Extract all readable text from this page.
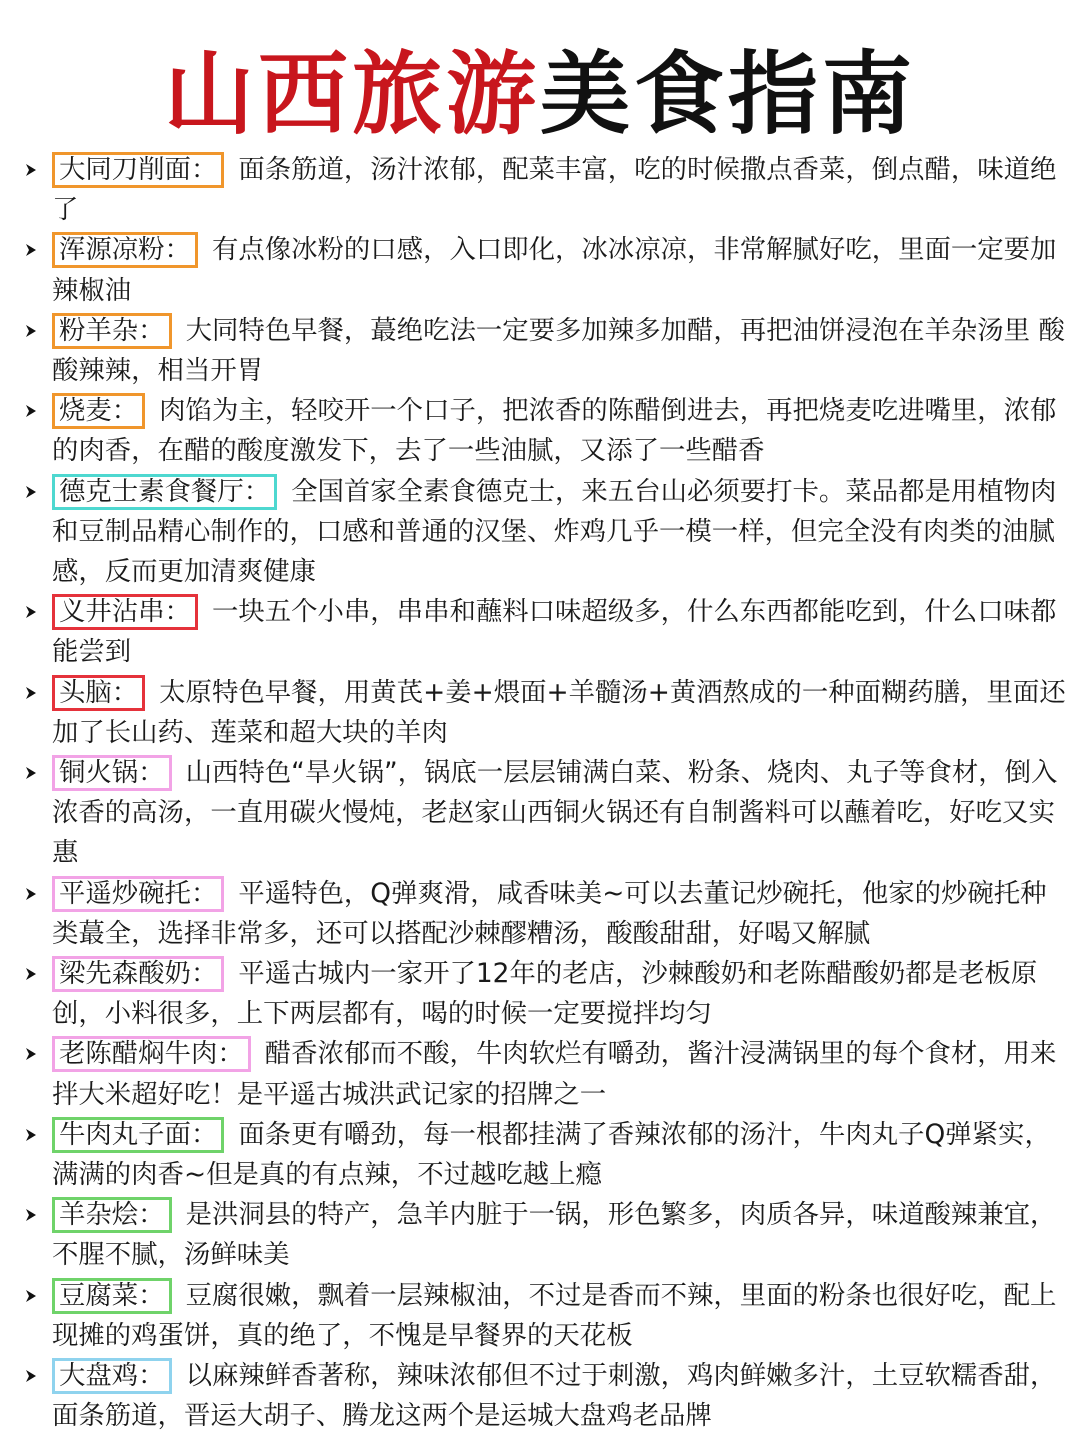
山西旅游美食指南
大同刀削面： 面条筋道，汤汁浓郁，配菜丰富，吃的时候撒点香菜，倒点醋，味道绝了
浑源凉粉： 有点像冰粉的口感，入口即化，冰冰凉凉，非常解腻好吃，里面一定要加辣椒油
粉羊杂： 大同特色早餐，蕞绝吃法一定要多加辣多加醋，再把油饼浸泡在羊杂汤里 酸酸辣辣，相当开胃
烧麦： 肉馅为主，轻咬开一个口子，把浓香的陈醋倒进去，再把烧麦吃进嘴里，浓郁的肉香，在醋的酸度激发下，去了一些油腻，又添了一些醋香
德克士素食餐厅： 全国首家全素食德克士，来五台山必须要打卡。菜品都是用植物肉和豆制品精心制作的，口感和普通的汉堡、炸鸡几乎一模一样，但完全没有肉类的油腻感，反而更加清爽健康
义井沾串： 一块五个小串，串串和蘸料口味超级多，什么东西都能吃到，什么口味都能尝到
头脑： 太原特色早餐，用黄芪+姜+煨面+羊髓汤+黄酒熬成的一种面糊药膳，里面还加了长山药、莲菜和超大块的羊肉
铜火锅： 山西特色“旱火锅”，锅底一层层铺满白菜、粉条、烧肉、丸子等食材，倒入浓香的高汤，一直用碳火慢炖，老赵家山西铜火锅还有自制酱料可以蘸着吃，好吃又实惠
平遥炒碗托： 平遥特色，Q弹爽滑，咸香味美~可以去董记炒碗托，他家的炒碗托种类蕞全，选择非常多，还可以搭配沙棘醪糟汤，酸酸甜甜，好喝又解腻
梁先森酸奶： 平遥古城内一家开了12年的老店，沙棘酸奶和老陈醋酸奶都是老板原创，小料很多，上下两层都有，喝的时候一定要搅拌均匀
老陈醋焖牛肉： 醋香浓郁而不酸，牛肉软烂有嚼劲，酱汁浸满锅里的每个食材，用来拌大米超好吃！是平遥古城洪武记家的招牌之一
牛肉丸子面： 面条更有嚼劲，每一根都挂满了香辣浓郁的汤汁，牛肉丸子Q弹紧实，满满的肉香~但是真的有点辣，不过越吃越上瘾
羊杂烩： 是洪洞县的特产，急羊内脏于一锅，形色繁多，肉质各异，味道酸辣兼宜，不腥不腻，汤鲜味美
豆腐菜： 豆腐很嫩，飘着一层辣椒油，不过是香而不辣，里面的粉条也很好吃，配上现摊的鸡蛋饼，真的绝了，不愧是早餐界的天花板
大盘鸡： 以麻辣鲜香著称，辣味浓郁但不过于刺激，鸡肉鲜嫩多汁，土豆软糯香甜，面条筋道，晋运大胡子、腾龙这两个是运城大盘鸡老品牌
